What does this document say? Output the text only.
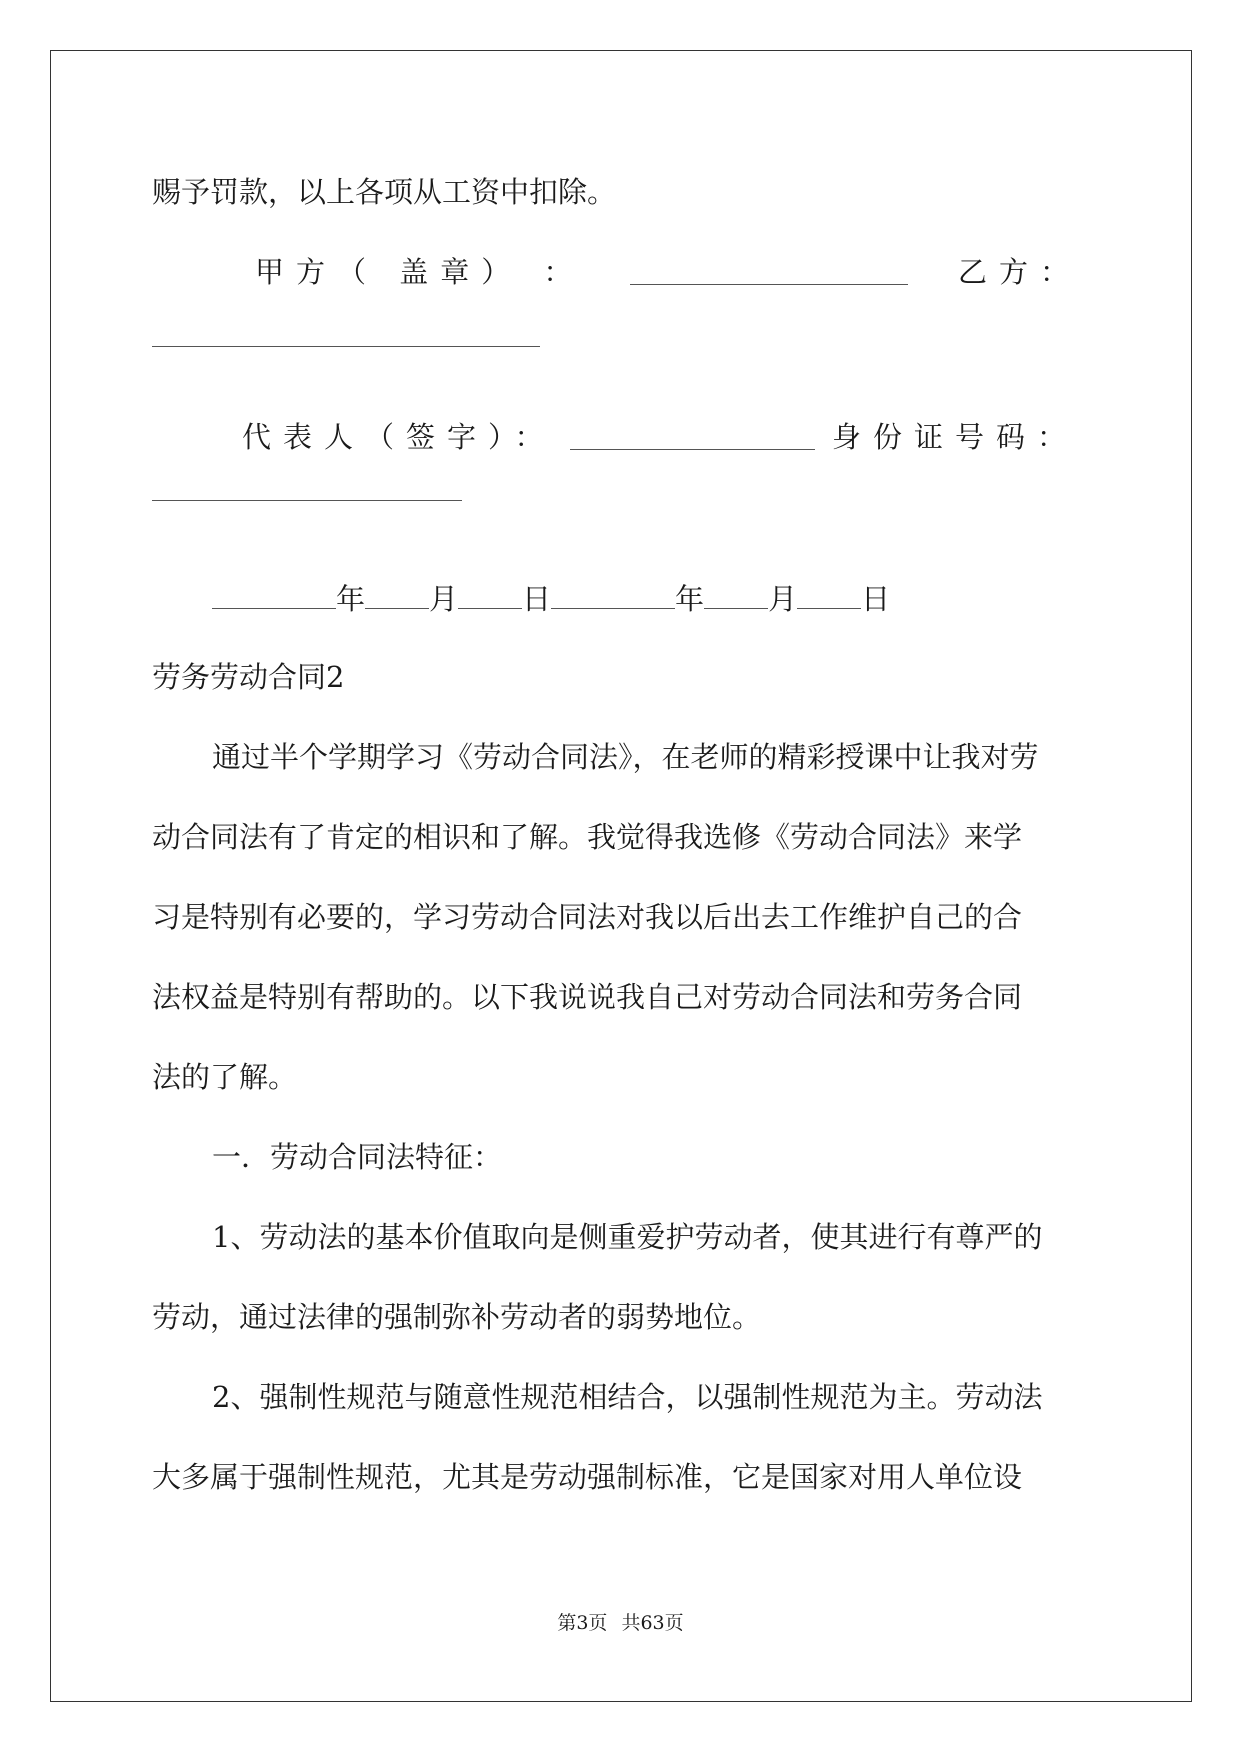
赐予罚款，以上各项从工资中扣除。
甲方（ 盖章） ：	乙方：
代表人（签字）：	身份证号码：
年 月 日	年 月 日
劳务劳动合同2
通过半个学期学习《劳动合同法》，在老师的精彩授课中让我对劳
动合同法有了肯定的相识和了解。我觉得我选修《劳动合同法》来学
习是特别有必要的，学习劳动合同法对我以后出去工作维护自己的合
法权益是特别有帮助的。以下我说说我自己对劳动合同法和劳务合同
法的了解。
一．劳动合同法特征：
1、劳动法的基本价值取向是侧重爱护劳动者，使其进行有尊严的
劳动，通过法律的强制弥补劳动者的弱势地位。
2、强制性规范与随意性规范相结合，以强制性规范为主。劳动法
大多属于强制性规范，尤其是劳动强制标准，它是国家对用人单位设
第3页 共63页
